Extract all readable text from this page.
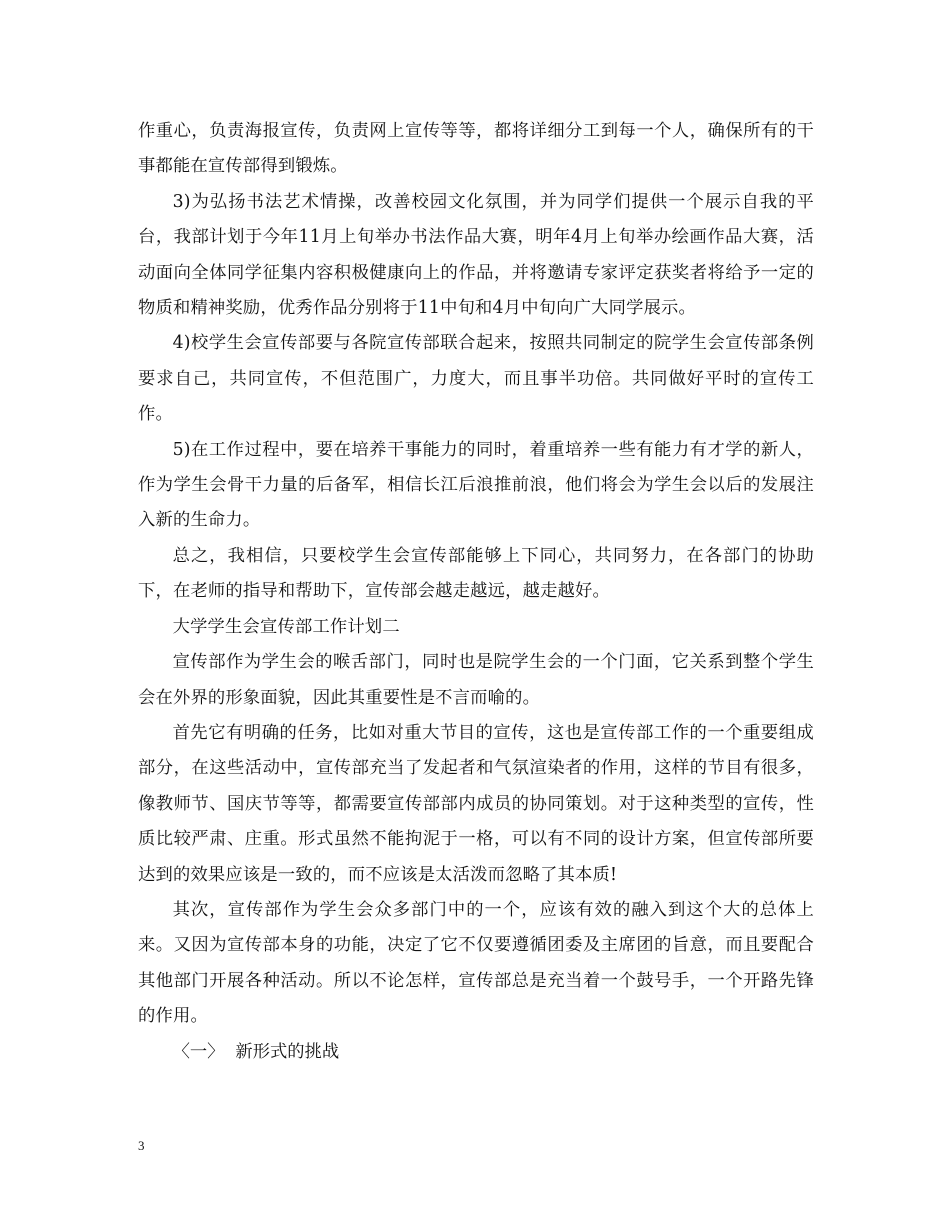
作重心，负责海报宣传，负责网上宣传等等，都将详细分工到每一个人，确保所有的干事都能在宣传部得到锻炼。

3)为弘扬书法艺术情操，改善校园文化氛围，并为同学们提供一个展示自我的平台，我部计划于今年11月上旬举办书法作品大赛，明年4月上旬举办绘画作品大赛，活动面向全体同学征集内容积极健康向上的作品，并将邀请专家评定获奖者将给予一定的物质和精神奖励，优秀作品分别将于11中旬和4月中旬向广大同学展示。

4)校学生会宣传部要与各院宣传部联合起来，按照共同制定的院学生会宣传部条例要求自己，共同宣传，不但范围广，力度大，而且事半功倍。共同做好平时的宣传工作。

5)在工作过程中，要在培养干事能力的同时，着重培养一些有能力有才学的新人，作为学生会骨干力量的后备军，相信长江后浪推前浪，他们将会为学生会以后的发展注入新的生命力。

总之，我相信，只要校学生会宣传部能够上下同心，共同努力，在各部门的协助下，在老师的指导和帮助下，宣传部会越走越远，越走越好。

大学学生会宣传部工作计划二

宣传部作为学生会的喉舌部门，同时也是院学生会的一个门面，它关系到整个学生会在外界的形象面貌，因此其重要性是不言而喻的。

首先它有明确的任务，比如对重大节目的宣传，这也是宣传部工作的一个重要组成部分，在这些活动中，宣传部充当了发起者和气氛渲染者的作用，这样的节目有很多，像教师节、国庆节等等，都需要宣传部部内成员的协同策划。对于这种类型的宣传，性质比较严肃、庄重。形式虽然不能拘泥于一格，可以有不同的设计方案，但宣传部所要达到的效果应该是一致的，而不应该是太活泼而忽略了其本质!

其次，宣传部作为学生会众多部门中的一个，应该有效的融入到这个大的总体上来。又因为宣传部本身的功能，决定了它不仅要遵循团委及主席团的旨意，而且要配合其他部门开展各种活动。所以不论怎样，宣传部总是充当着一个鼓号手，一个开路先锋的作用。

〈一〉  新形式的挑战

3
